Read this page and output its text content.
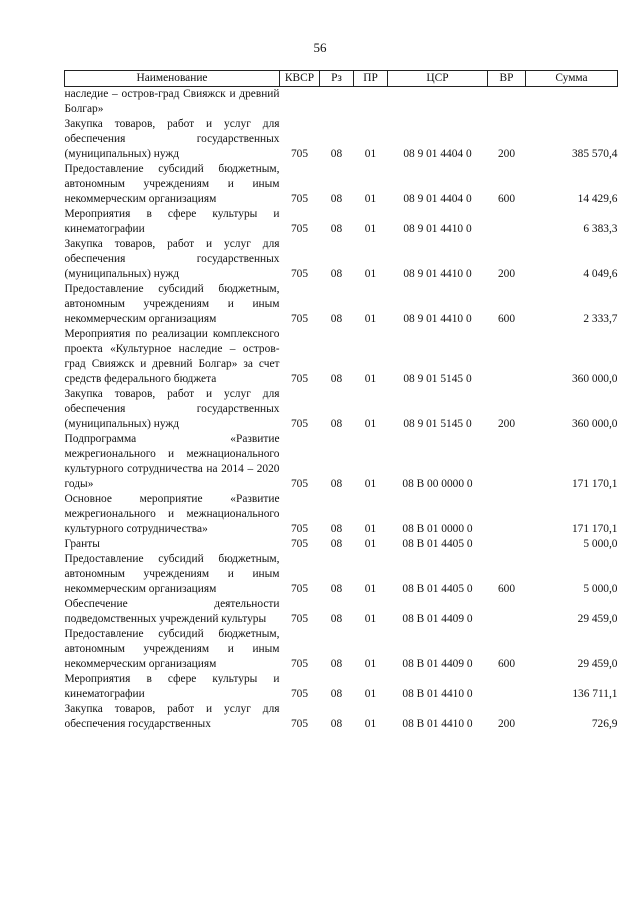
56
Наименование	КВСР	Рз	ПР	ЦСР	ВР	Сумма
наследие – остров-град Свияжск и древний Болгар»						
Закупка товаров, работ и услуг для обеспечения государственных (муниципальных) нужд	705	08	01	08 9 01 4404 0	200	385 570,4
Предоставление субсидий бюджетным, автономным учреждениям и иным некоммерческим организациям	705	08	01	08 9 01 4404 0	600	14 429,6
Мероприятия в сфере культуры и кинематографии	705	08	01	08 9 01 4410 0		6 383,3
Закупка товаров, работ и услуг для обеспечения государственных (муниципальных) нужд	705	08	01	08 9 01 4410 0	200	4 049,6
Предоставление субсидий бюджетным, автономным учреждениям и иным некоммерческим организациям	705	08	01	08 9 01 4410 0	600	2 333,7
Мероприятия по реализации комплексного проекта «Культурное наследие – остров-град Свияжск и древний Болгар» за счет средств федерального бюджета	705	08	01	08 9 01 5145 0		360 000,0
Закупка товаров, работ и услуг для обеспечения государственных (муниципальных) нужд	705	08	01	08 9 01 5145 0	200	360 000,0
Подпрограмма «Развитие межрегионального и межнационального культурного сотрудничества на 2014 – 2020 годы»	705	08	01	08 В 00 0000 0		171 170,1
Основное мероприятие «Развитие межрегионального и межнационального культурного сотрудничества»	705	08	01	08 В 01 0000 0		171 170,1
Гранты	705	08	01	08 В 01 4405 0		5 000,0
Предоставление субсидий бюджетным, автономным учреждениям и иным некоммерческим организациям	705	08	01	08 В 01 4405 0	600	5 000,0
Обеспечение деятельности подведомственных учреждений культуры	705	08	01	08 В 01 4409 0		29 459,0
Предоставление субсидий бюджетным, автономным учреждениям и иным некоммерческим организациям	705	08	01	08 В 01 4409 0	600	29 459,0
Мероприятия в сфере культуры и кинематографии	705	08	01	08 В 01 4410 0		136 711,1
Закупка товаров, работ и услуг для обеспечения государственных	705	08	01	08 В 01 4410 0	200	726,9
